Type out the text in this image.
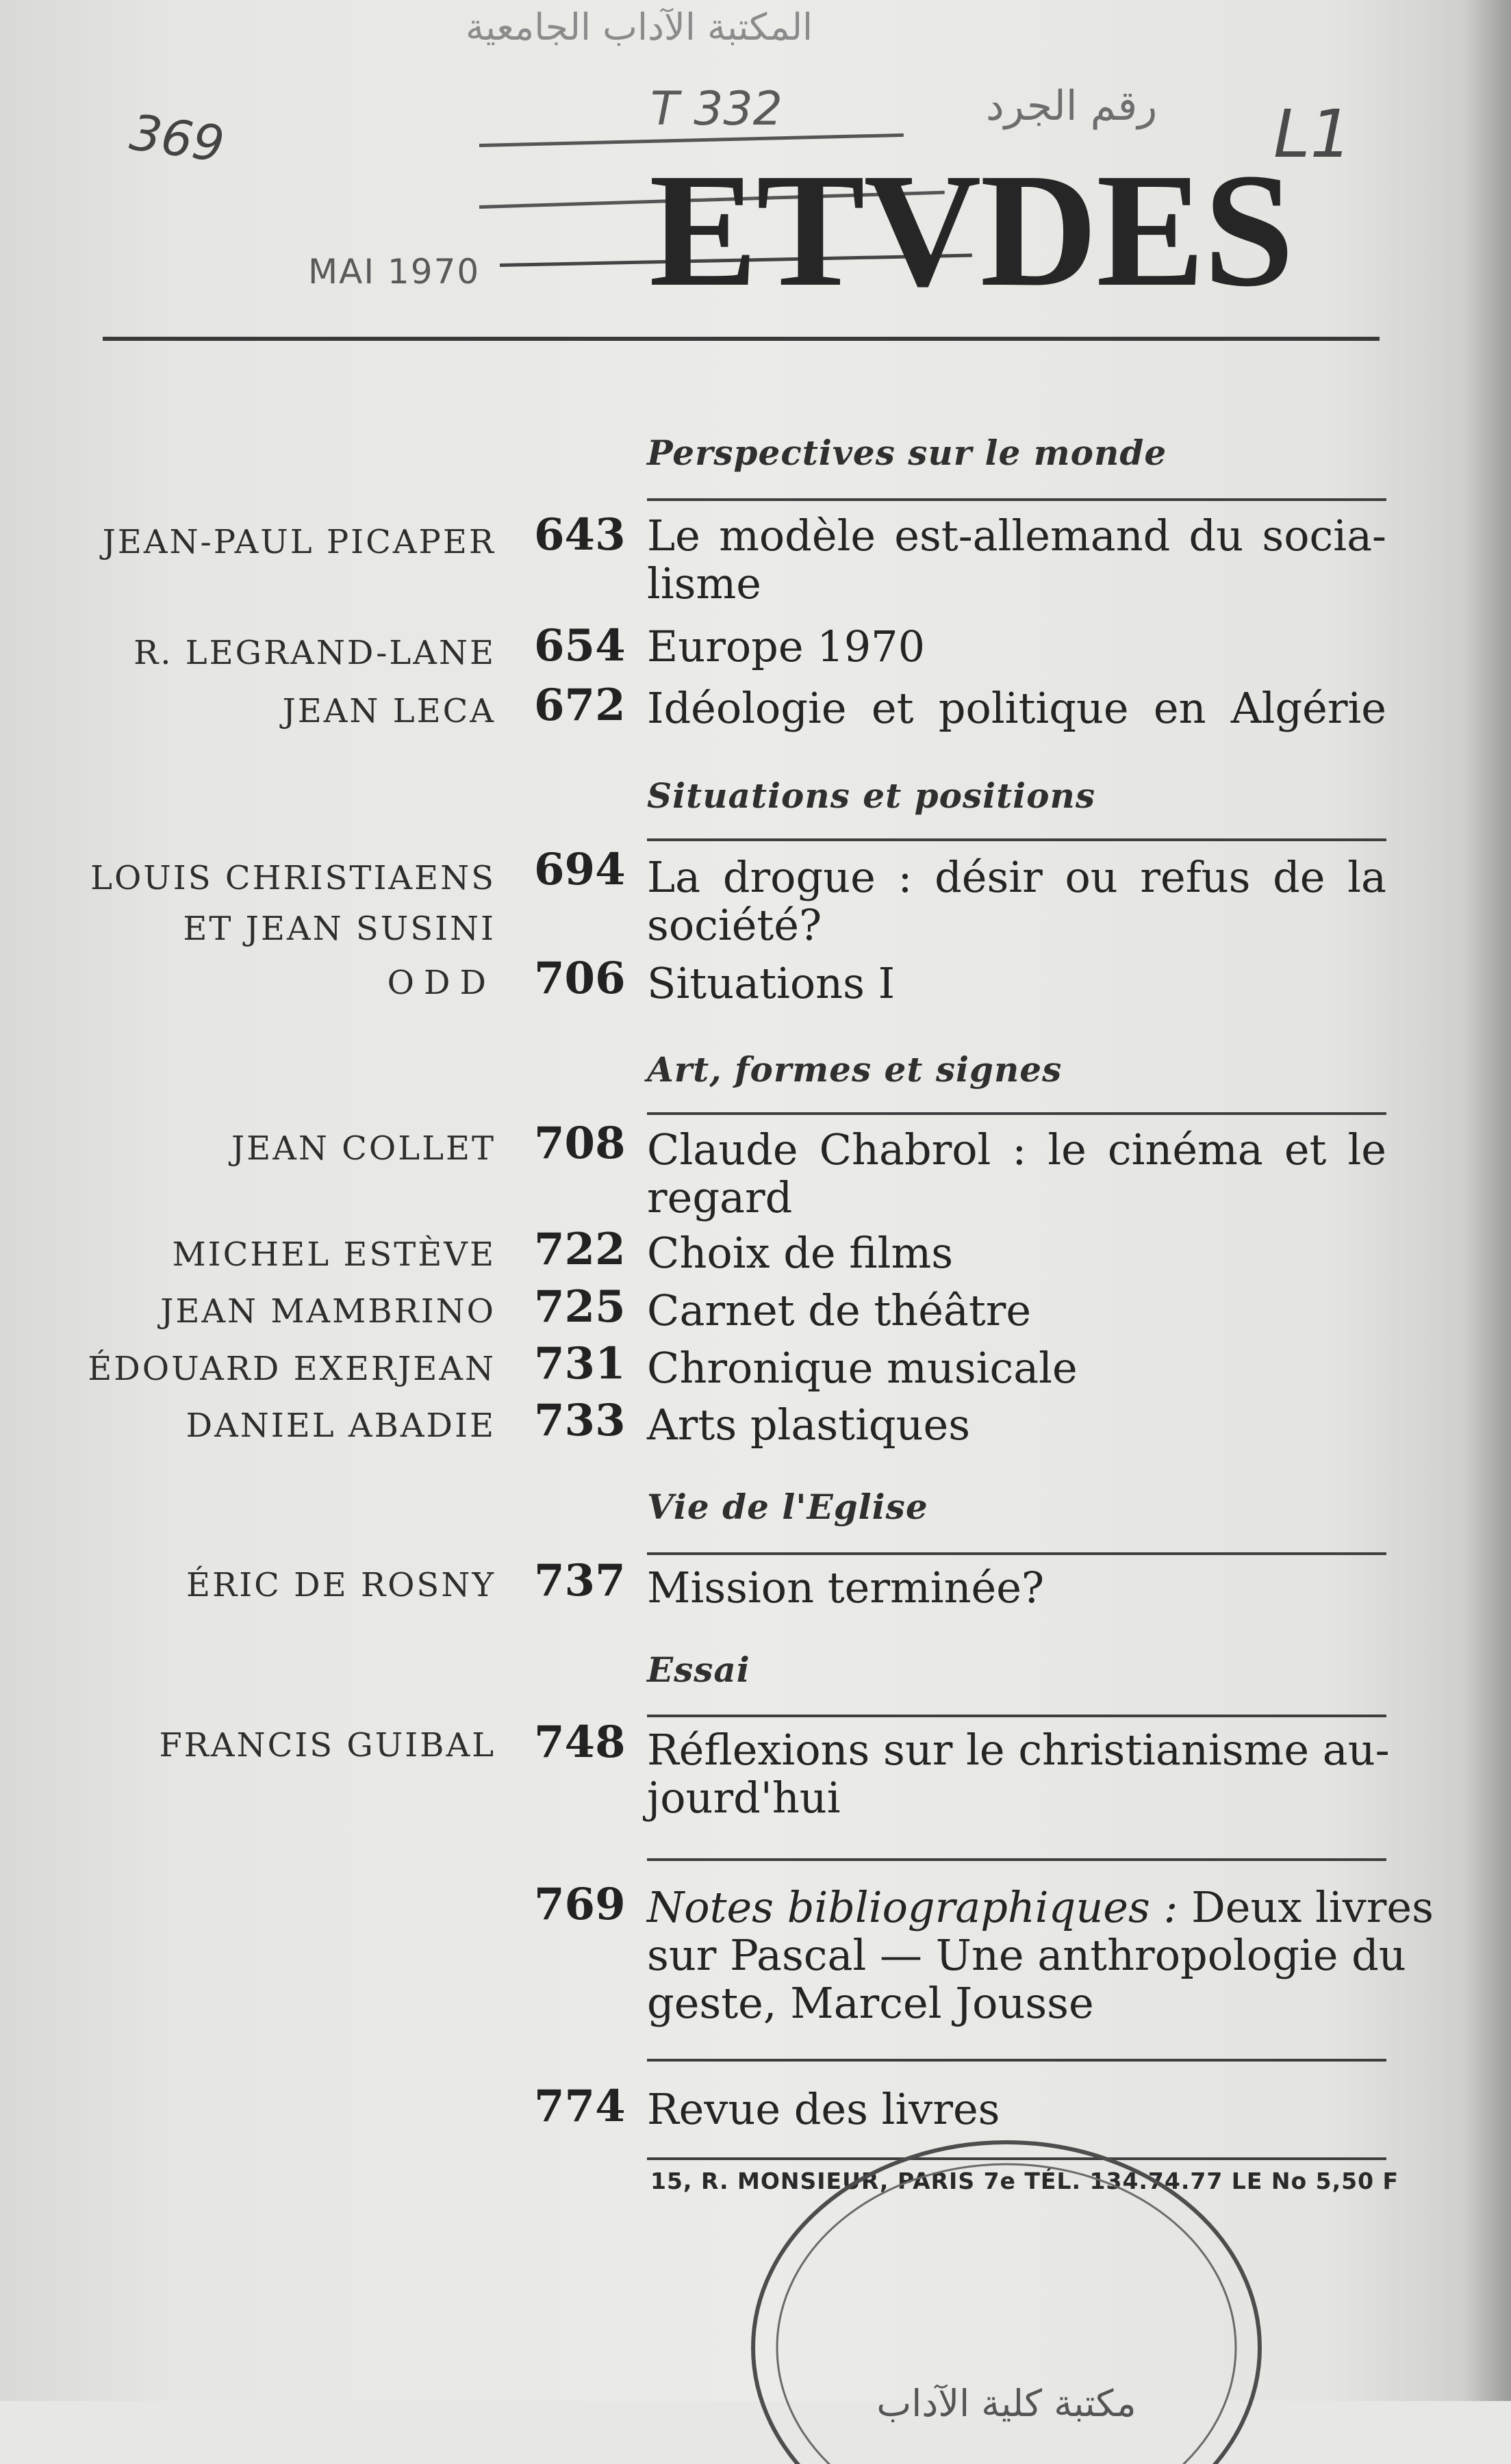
المكتبة الآداب الجامعية
369	T 332	رقم الجرد L1
MAI 1970 ETVDES
Perspectives sur le monde
JEAN-PAUL PICAPER 643 Le modèle est-allemand du socia-
lisme
R. LEGRAND-LANE 654 Europe 1970
JEAN LECA 672 Idéologie et politique en Algérie
Situations et positions
LOUIS CHRISTIAENS
ET JEAN SUSINI
694 La drogue : désir ou refus de la
société?
ODD 706 Situations I
Art, formes et signes
JEAN COLLET 708 Claude Chabrol : le cinéma et le
regard
MICHEL ESTÈVE 722 Choix de films
JEAN MAMBRINO 725 Carnet de théâtre
ÉDOUARD EXERJEAN 731 Chronique musicale
DANIEL ABADIE 733 Arts plastiques
Vie de l'Eglise
ÉRIC DE ROSNY 737 Mission terminée?
Essai
FRANCIS GUIBAL 748 Réflexions sur le christianisme au-
jourd'hui
769 Notes bibliographiques : Deux livres
sur Pascal — Une anthropologie du
geste, Marcel Jousse
774 Revue des livres
15, R. MONSIEUR, PARIS 7e TÉL. 134.74.77 LE No 5,50 F
مكتبة كلية الآداب
